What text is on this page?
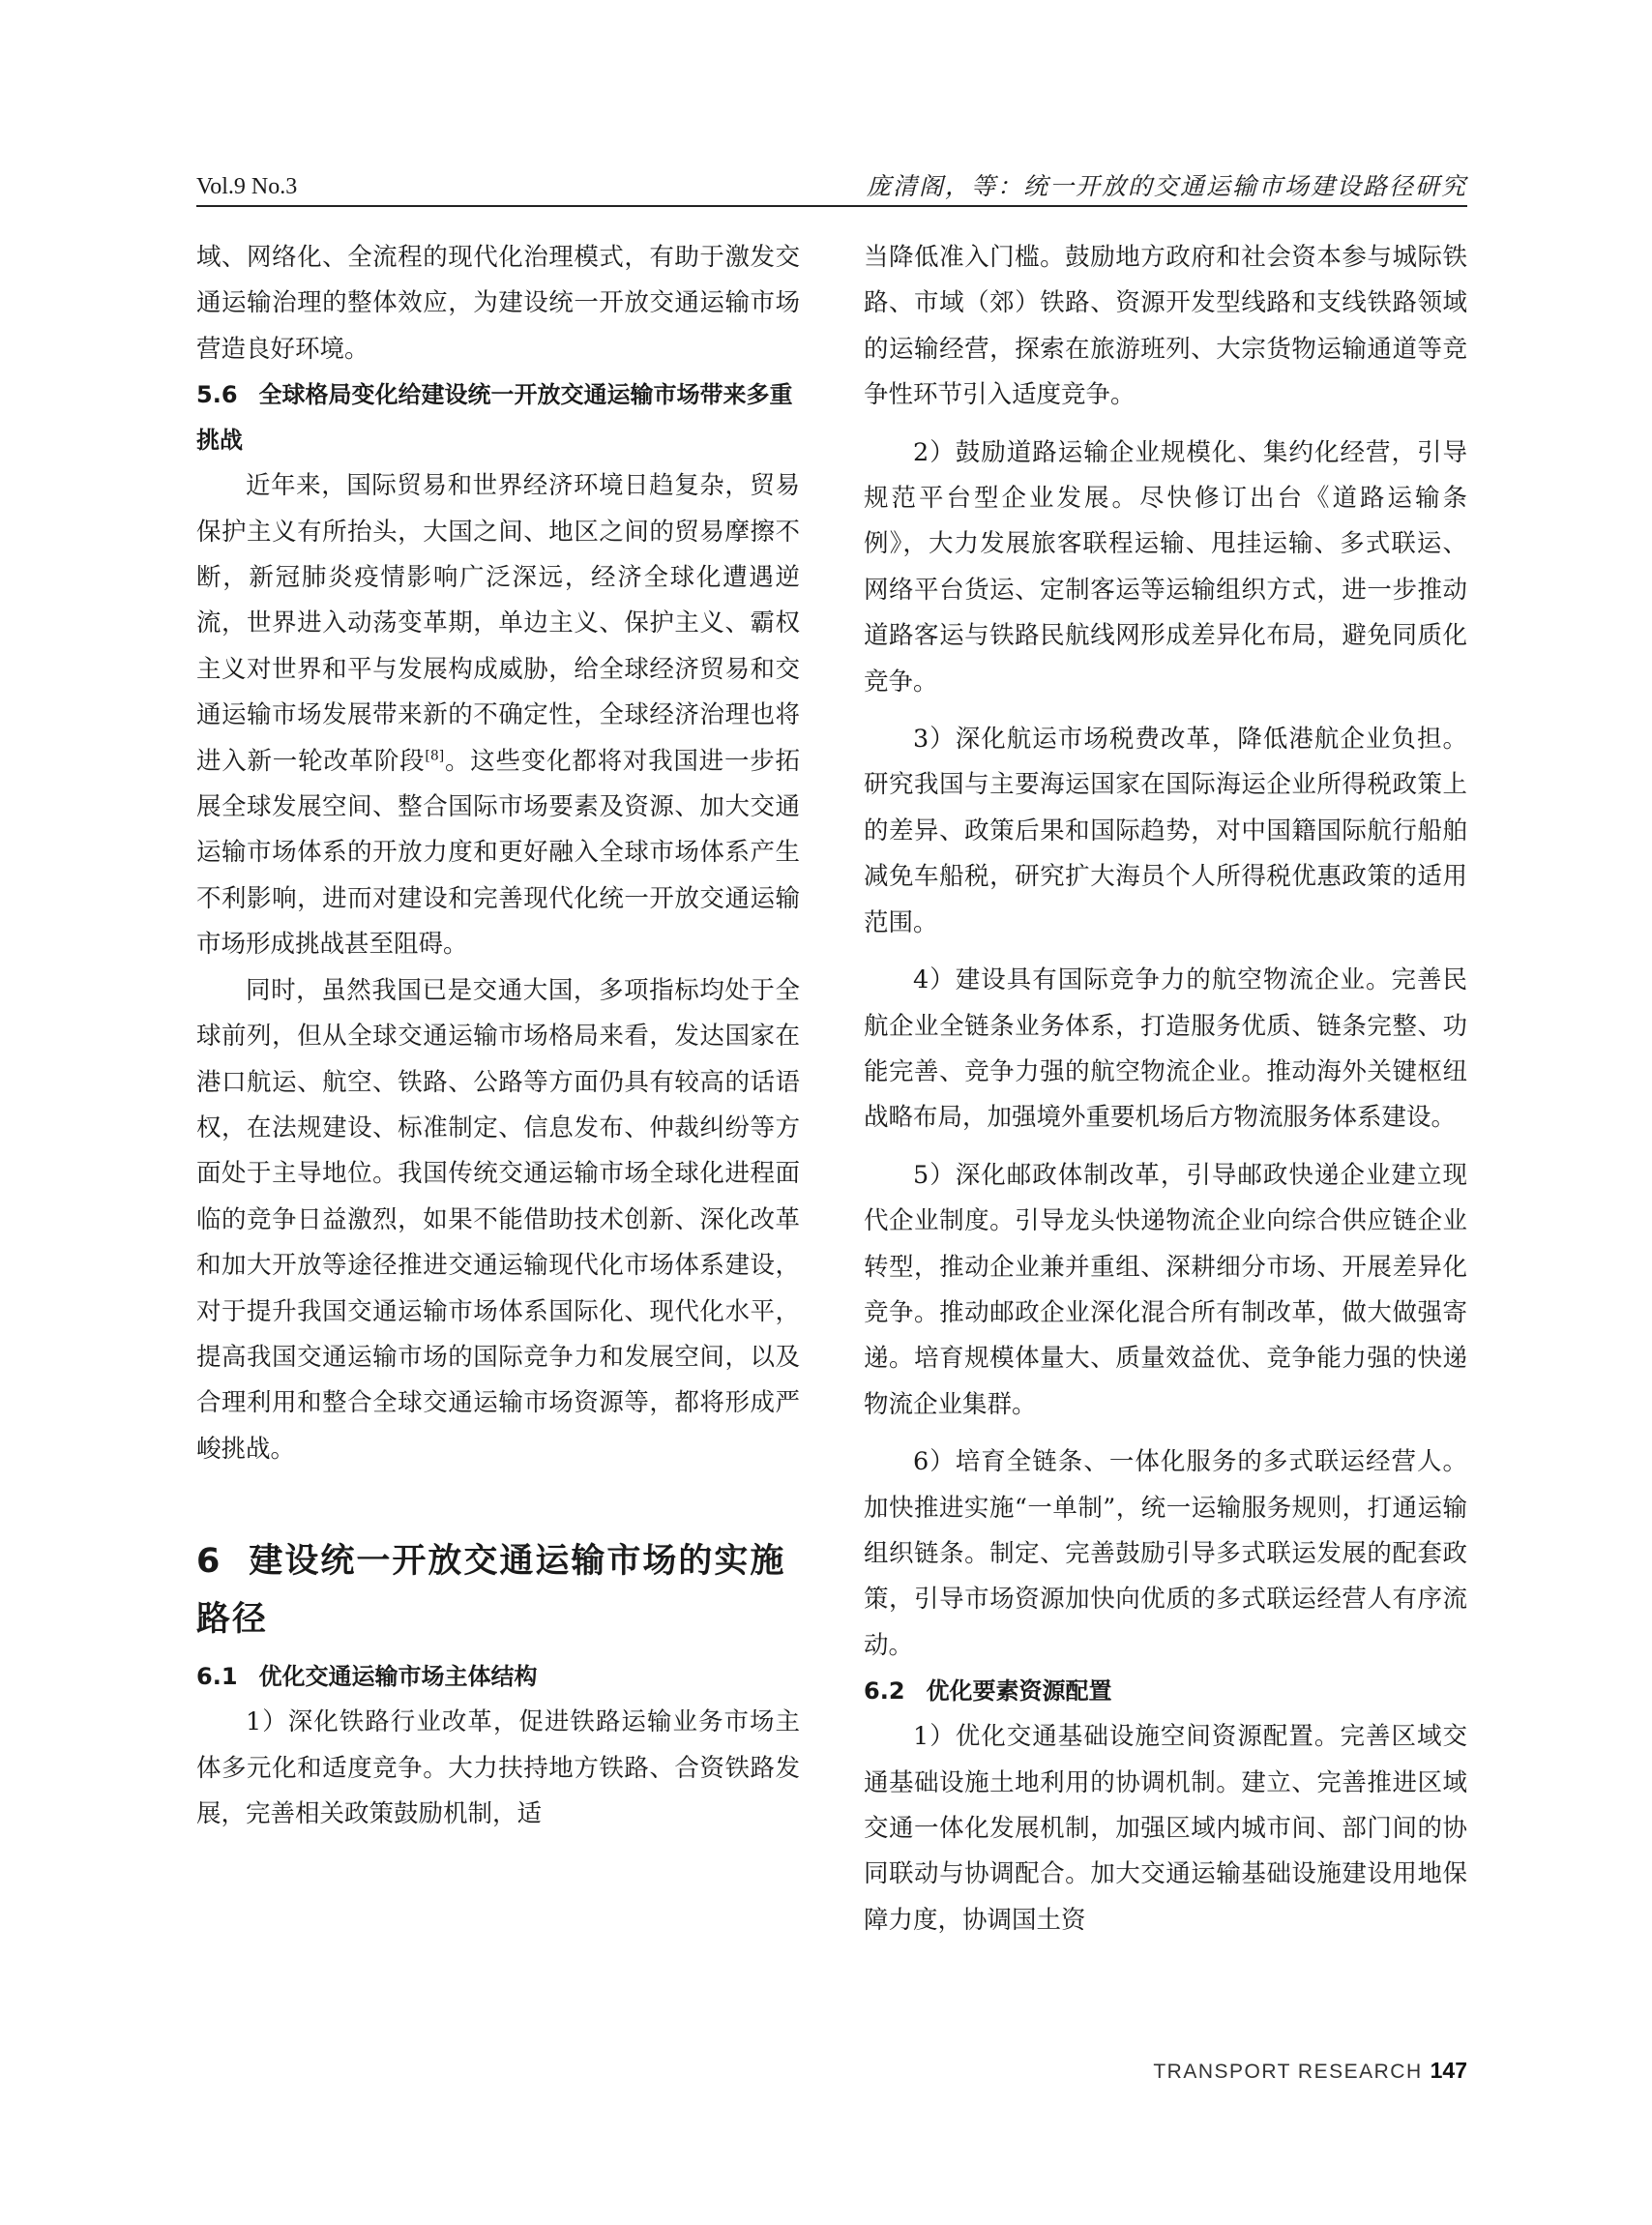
Vol.9 No.3	庞清阁，等：统一开放的交通运输市场建设路径研究

域、网络化、全流程的现代化治理模式，有助于激发交通运输治理的整体效应，为建设统一开放交通运输市场营造良好环境。

5.6 全球格局变化给建设统一开放交通运输市场带来多重挑战

近年来，国际贸易和世界经济环境日趋复杂，贸易保护主义有所抬头，大国之间、地区之间的贸易摩擦不断，新冠肺炎疫情影响广泛深远，经济全球化遭遇逆流，世界进入动荡变革期，单边主义、保护主义、霸权主义对世界和平与发展构成威胁，给全球经济贸易和交通运输市场发展带来新的不确定性，全球经济治理也将进入新一轮改革阶段[8]。这些变化都将对我国进一步拓展全球发展空间、整合国际市场要素及资源、加大交通运输市场体系的开放力度和更好融入全球市场体系产生不利影响，进而对建设和完善现代化统一开放交通运输市场形成挑战甚至阻碍。

同时，虽然我国已是交通大国，多项指标均处于全球前列，但从全球交通运输市场格局来看，发达国家在港口航运、航空、铁路、公路等方面仍具有较高的话语权，在法规建设、标准制定、信息发布、仲裁纠纷等方面处于主导地位。我国传统交通运输市场全球化进程面临的竞争日益激烈，如果不能借助技术创新、深化改革和加大开放等途径推进交通运输现代化市场体系建设，对于提升我国交通运输市场体系国际化、现代化水平，提高我国交通运输市场的国际竞争力和发展空间，以及合理利用和整合全球交通运输市场资源等，都将形成严峻挑战。

6 建设统一开放交通运输市场的实施路径
6.1 优化交通运输市场主体结构

1）深化铁路行业改革，促进铁路运输业务市场主体多元化和适度竞争。大力扶持地方铁路、合资铁路发展，完善相关政策鼓励机制，适

当降低准入门槛。鼓励地方政府和社会资本参与城际铁路、市域（郊）铁路、资源开发型线路和支线铁路领域的运输经营，探索在旅游班列、大宗货物运输通道等竞争性环节引入适度竞争。

2）鼓励道路运输企业规模化、集约化经营，引导规范平台型企业发展。尽快修订出台《道路运输条例》，大力发展旅客联程运输、甩挂运输、多式联运、网络平台货运、定制客运等运输组织方式，进一步推动道路客运与铁路民航线网形成差异化布局，避免同质化竞争。

3）深化航运市场税费改革，降低港航企业负担。研究我国与主要海运国家在国际海运企业所得税政策上的差异、政策后果和国际趋势，对中国籍国际航行船舶减免车船税，研究扩大海员个人所得税优惠政策的适用范围。

4）建设具有国际竞争力的航空物流企业。完善民航企业全链条业务体系，打造服务优质、链条完整、功能完善、竞争力强的航空物流企业。推动海外关键枢纽战略布局，加强境外重要机场后方物流服务体系建设。

5）深化邮政体制改革，引导邮政快递企业建立现代企业制度。引导龙头快递物流企业向综合供应链企业转型，推动企业兼并重组、深耕细分市场、开展差异化竞争。推动邮政企业深化混合所有制改革，做大做强寄递。培育规模体量大、质量效益优、竞争能力强的快递物流企业集群。

6）培育全链条、一体化服务的多式联运经营人。加快推进实施“一单制”，统一运输服务规则，打通运输组织链条。制定、完善鼓励引导多式联运发展的配套政策，引导市场资源加快向优质的多式联运经营人有序流动。

6.2 优化要素资源配置

1）优化交通基础设施空间资源配置。完善区域交通基础设施土地利用的协调机制。建立、完善推进区域交通一体化发展机制，加强区域内城市间、部门间的协同联动与协调配合。加大交通运输基础设施建设用地保障力度，协调国土资

TRANSPORT RESEARCH 147
